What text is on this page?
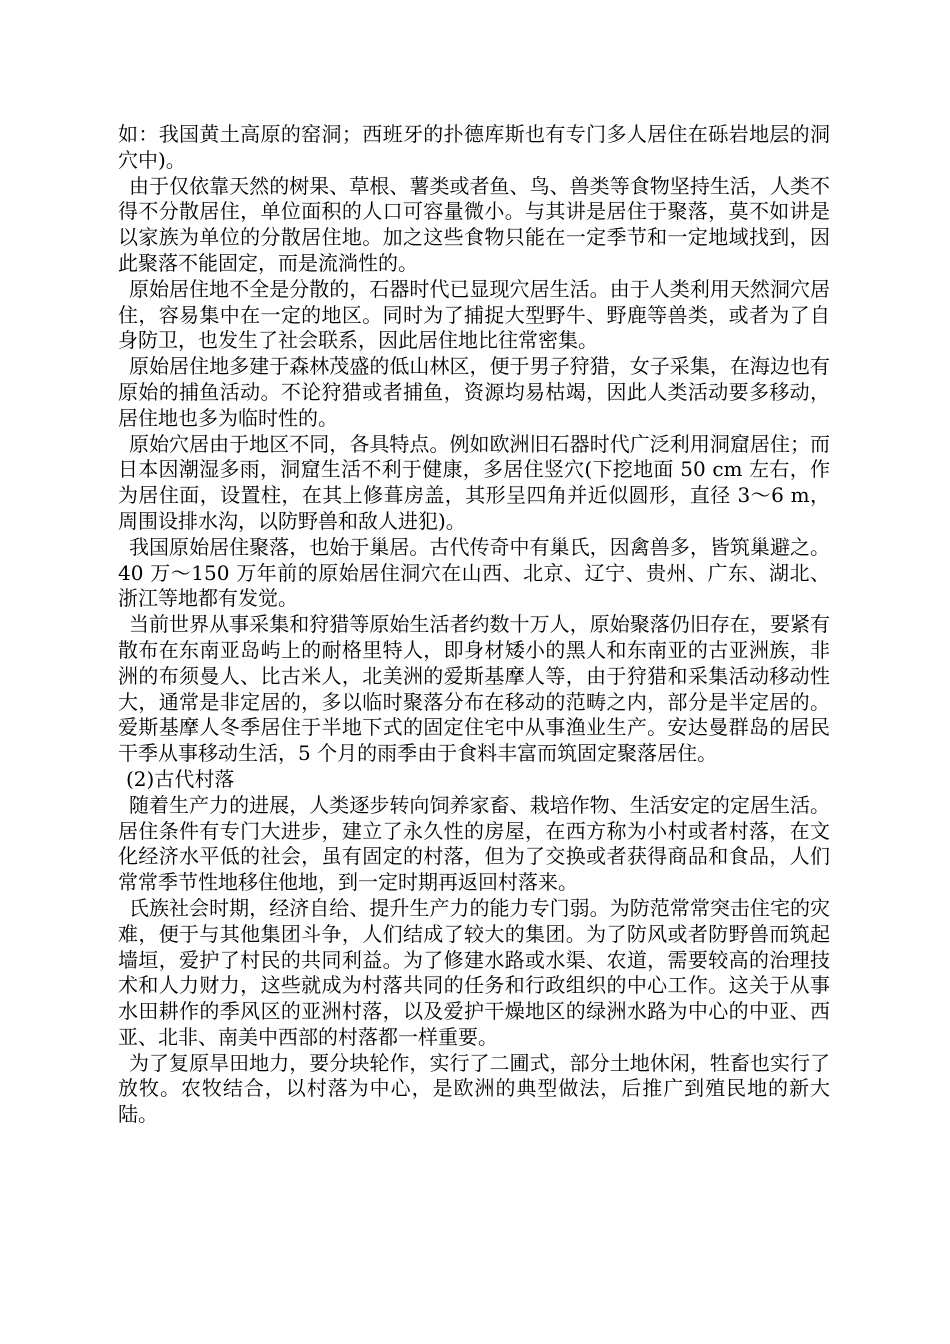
如：我国黄土高原的窑洞；西班牙的扑德库斯也有专门多人居住在砾岩地层的洞穴中)。

由于仅依靠天然的树果、草根、薯类或者鱼、鸟、兽类等食物坚持生活，人类不得不分散居住，单位面积的人口可容量微小。与其讲是居住于聚落，莫不如讲是以家族为单位的分散居住地。加之这些食物只能在一定季节和一定地域找到，因此聚落不能固定，而是流淌性的。

原始居住地不全是分散的，石器时代已显现穴居生活。由于人类利用天然洞穴居住，容易集中在一定的地区。同时为了捕捉大型野牛、野鹿等兽类，或者为了自身防卫，也发生了社会联系，因此居住地比往常密集。

原始居住地多建于森林茂盛的低山林区，便于男子狩猎，女子采集，在海边也有原始的捕鱼活动。不论狩猎或者捕鱼，资源均易枯竭，因此人类活动要多移动，居住地也多为临时性的。

原始穴居由于地区不同，各具特点。例如欧洲旧石器时代广泛利用洞窟居住；而日本因潮湿多雨，洞窟生活不利于健康，多居住竖穴(下挖地面 50 cm 左右，作为居住面，设置柱，在其上修葺房盖，其形呈四角并近似圆形，直径 3～6 m，周围设排水沟，以防野兽和敌人进犯)。

我国原始居住聚落，也始于巢居。古代传奇中有巢氏，因禽兽多，皆筑巢避之。40 万～150 万年前的原始居住洞穴在山西、北京、辽宁、贵州、广东、湖北、浙江等地都有发觉。

当前世界从事采集和狩猎等原始生活者约数十万人，原始聚落仍旧存在，要紧有散布在东南亚岛屿上的耐格里特人，即身材矮小的黑人和东南亚的古亚洲族，非洲的布须曼人、比古米人，北美洲的爱斯基摩人等，由于狩猎和采集活动移动性大，通常是非定居的，多以临时聚落分布在移动的范畴之内，部分是半定居的。爱斯基摩人冬季居住于半地下式的固定住宅中从事渔业生产。安达曼群岛的居民干季从事移动生活，5 个月的雨季由于食料丰富而筑固定聚落居住。

(2)古代村落

随着生产力的进展，人类逐步转向饲养家畜、栽培作物、生活安定的定居生活。居住条件有专门大进步，建立了永久性的房屋，在西方称为小村或者村落，在文化经济水平低的社会，虽有固定的村落，但为了交换或者获得商品和食品，人们常常季节性地移住他地，到一定时期再返回村落来。

氏族社会时期，经济自给、提升生产力的能力专门弱。为防范常常突击住宅的灾难，便于与其他集团斗争，人们结成了较大的集团。为了防风或者防野兽而筑起墙垣，爱护了村民的共同利益。为了修建水路或水渠、农道，需要较高的治理技术和人力财力，这些就成为村落共同的任务和行政组织的中心工作。这关于从事水田耕作的季风区的亚洲村落，以及爱护干燥地区的绿洲水路为中心的中亚、西亚、北非、南美中西部的村落都一样重要。

为了复原旱田地力，要分块轮作，实行了二圃式，部分土地休闲，牲畜也实行了放牧。农牧结合，以村落为中心，是欧洲的典型做法，后推广到殖民地的新大陆。
